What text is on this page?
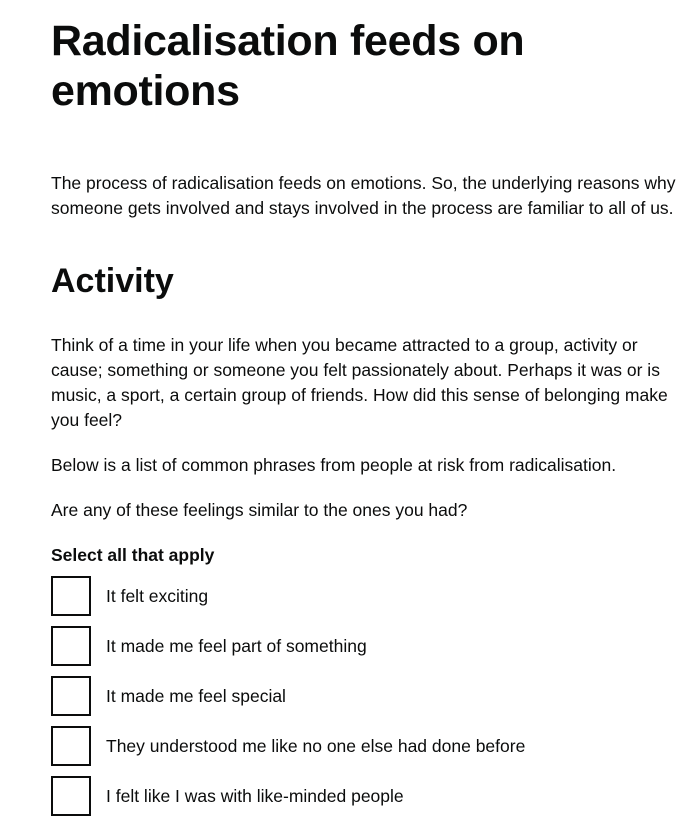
Radicalisation feeds on emotions

The process of radicalisation feeds on emotions. So, the underlying reasons why someone gets involved and stays involved in the process are familiar to all of us.

Activity

Think of a time in your life when you became attracted to a group, activity or cause; something or someone you felt passionately about. Perhaps it was or is music, a sport, a certain group of friends. How did this sense of belonging make you feel?

Below is a list of common phrases from people at risk from radicalisation.

Are any of these feelings similar to the ones you had?

Select all that apply
It felt exciting
It made me feel part of something
It made me feel special
They understood me like no one else had done before
I felt like I was with like-minded people
